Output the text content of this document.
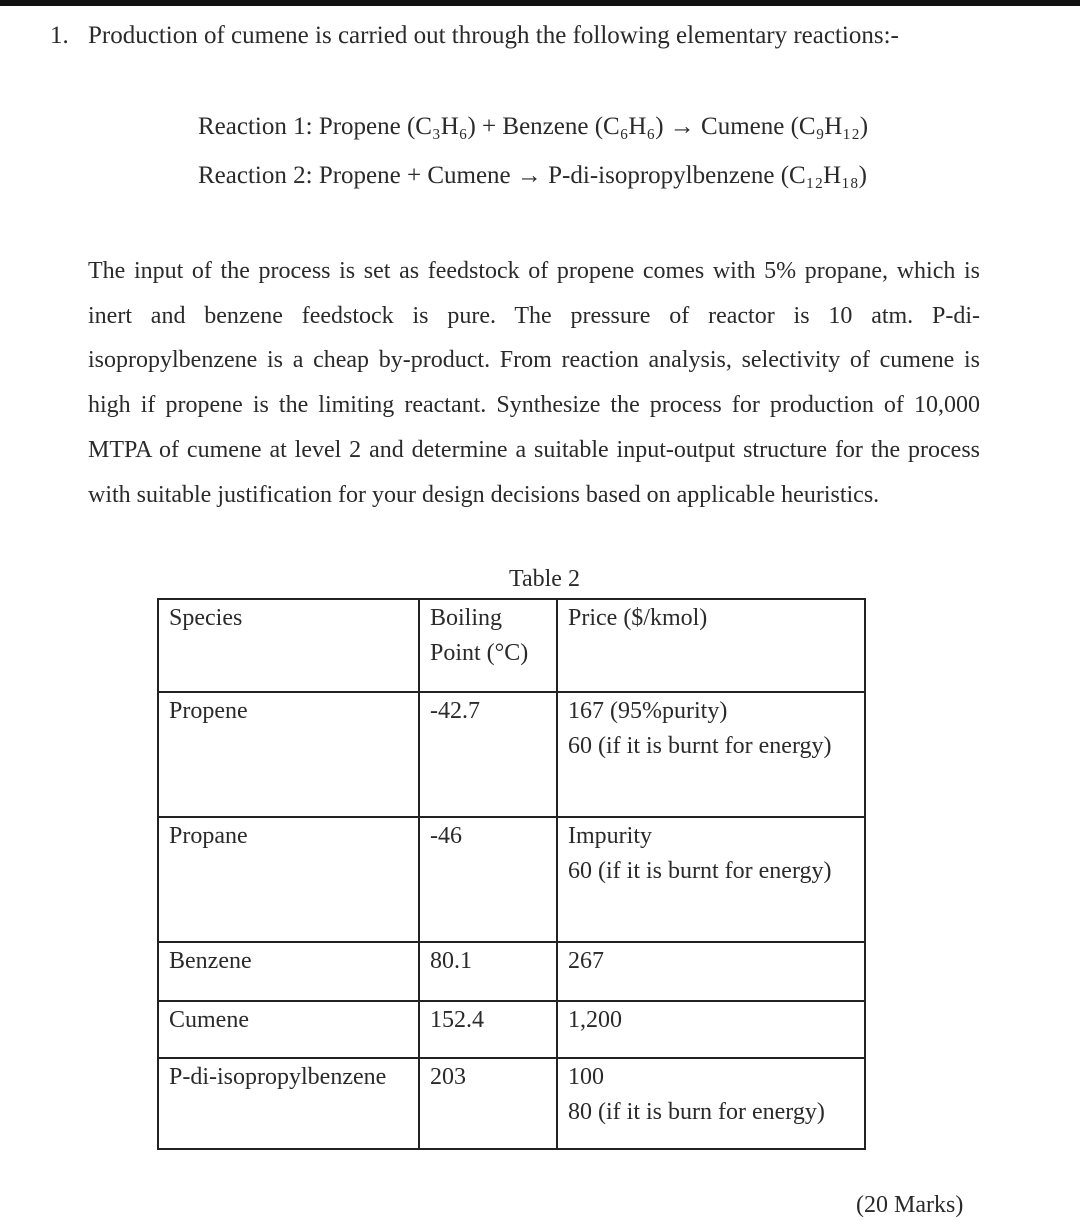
1. Production of cumene is carried out through the following elementary reactions:-
Reaction 1: Propene (C₃H₆) + Benzene (C₆H₆) → Cumene (C₉H₁₂)
Reaction 2: Propene + Cumene → P-di-isopropylbenzene (C₁₂H₁₈)
The input of the process is set as feedstock of propene comes with 5% propane, which is inert and benzene feedstock is pure. The pressure of reactor is 10 atm. P-di-isopropylbenzene is a cheap by-product. From reaction analysis, selectivity of cumene is high if propene is the limiting reactant. Synthesize the process for production of 10,000 MTPA of cumene at level 2 and determine a suitable input-output structure for the process with suitable justification for your design decisions based on applicable heuristics.
Table 2
Species	Boiling Point (°C)	Price ($/kmol)
Propene	-42.7	167 (95%purity)
60 (if it is burnt for energy)

Propane	-46	Impurity
60 (if it is burnt for energy)

Benzene	80.1	267

Cumene	152.4	1,200

P-di-isopropylbenzene	203	100
80 (if it is burn for energy)
(20 Marks)
